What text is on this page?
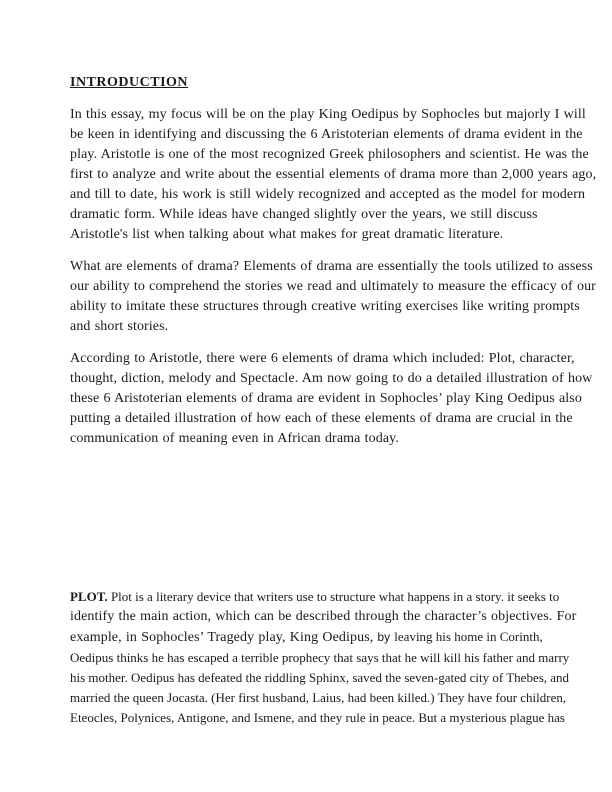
INTRODUCTION
In this essay, my focus will be on the play King Oedipus by Sophocles but majorly I will
be keen in identifying and discussing the 6 Aristoterian elements of drama evident in the
play. Aristotle is one of the most recognized Greek philosophers and scientist. He was the
first to analyze and write about the essential elements of drama more than 2,000 years ago,
and till to date, his work is still widely recognized and accepted as the model for modern
dramatic form. While ideas have changed slightly over the years, we still discuss
Aristotle's list when talking about what makes for great dramatic literature.
What are elements of drama? Elements of drama are essentially the tools utilized to assess
our ability to comprehend the stories we read and ultimately to measure the efficacy of our
ability to imitate these structures through creative writing exercises like writing prompts
and short stories.
According to Aristotle, there were 6 elements of drama which included: Plot, character,
thought, diction, melody and Spectacle. Am now going to do a detailed illustration of how
these 6 Aristoterian elements of drama are evident in Sophocles’ play King Oedipus also
putting a detailed illustration of how each of these elements of drama are crucial in the
communication of meaning even in African drama today.
PLOT. Plot is a literary device that writers use to structure what happens in a story. it seeks to
identify the main action, which can be described through the character’s objectives. For
example, in Sophocles’ Tragedy play, King Oedipus, by leaving his home in Corinth,
Oedipus thinks he has escaped a terrible prophecy that says that he will kill his father and marry
his mother. Oedipus has defeated the riddling Sphinx, saved the seven-gated city of Thebes, and
married the queen Jocasta. (Her first husband, Laius, had been killed.) They have four children,
Eteocles, Polynices, Antigone, and Ismene, and they rule in peace. But a mysterious plague has
